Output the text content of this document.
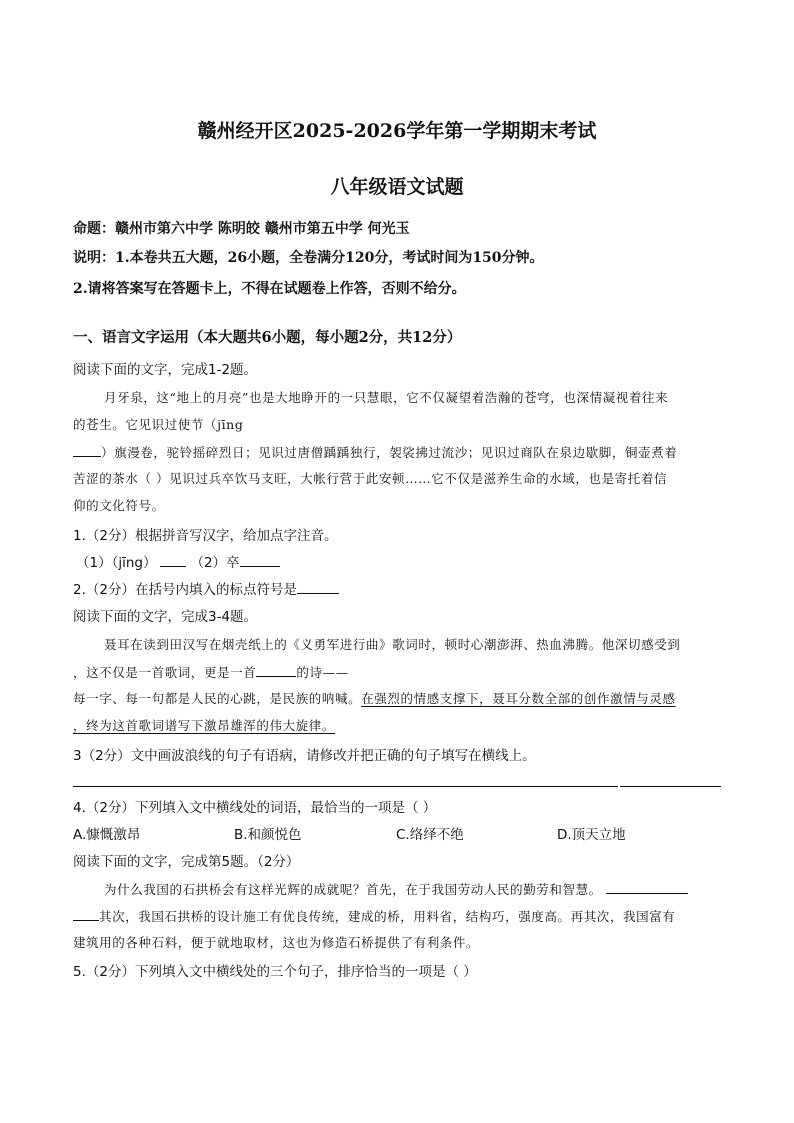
赣州经开区2025-2026学年第一学期期末考试
八年级语文试题
命题：赣州市第六中学 陈明皎 赣州市第五中学 何光玉
说明：1.本卷共五大题，26小题，全卷满分120分，考试时间为150分钟。
2.请将答案写在答题卡上，不得在试题卷上作答，否则不给分。
一、语言文字运用（本大题共6小题，每小题2分，共12分）
阅读下面的文字，完成1-2题。
月牙泉，这“地上的月亮”也是大地睁开的一只慧眼，它不仅凝望着浩瀚的苍穹，也深情凝视着往来
的苍生。它见识过使节（jīng
）旗漫卷，驼铃摇碎烈日；见识过唐僧踽踽独行，袈裟拂过流沙；见识过商队在泉边歇脚，铜壶煮着
苦涩的茶水（ ）见识过兵卒饮马支旺，大帐行营于此安顿……它不仅是滋养生命的水域，也是寄托着信
仰的文化符号。
1.（2分）根据拼音写汉字，给加点字注音。
（1）（jīng）	（2）卒
2.（2分）在括号内填入的标点符号是
阅读下面的文字，完成3-4题。
聂耳在读到田汉写在烟壳纸上的《义勇军进行曲》歌词时，顿时心潮澎湃、热血沸腾。他深切感受到
，这不仅是一首歌词，更是一首	的诗——
每一字、每一句都是人民的心跳，是民族的呐喊。在强烈的情感支撑下，聂耳分数全部的创作激情与灵感
，终为这首歌词谱写下激昂雄浑的伟大旋律。
3（2分）文中画波浪线的句子有语病，请修改并把正确的句子填写在横线上。
4.（2分）下列填入文中横线处的词语，最恰当的一项是（ ）
A.慷慨激昂	B.和颜悦色	C.络绎不绝	D.顶天立地
阅读下面的文字，完成第5题。（2分）
为什么我国的石拱桥会有这样光辉的成就呢？首先，在于我国劳动人民的勤劳和智慧。
其次，我国石拱桥的设计施工有优良传统，建成的桥，用料省，结构巧，强度高。再其次，我国富有
建筑用的各种石料，便于就地取材，这也为修造石桥提供了有利条件。
5.（2分）下列填入文中横线处的三个句子，排序恰当的一项是（ ）
